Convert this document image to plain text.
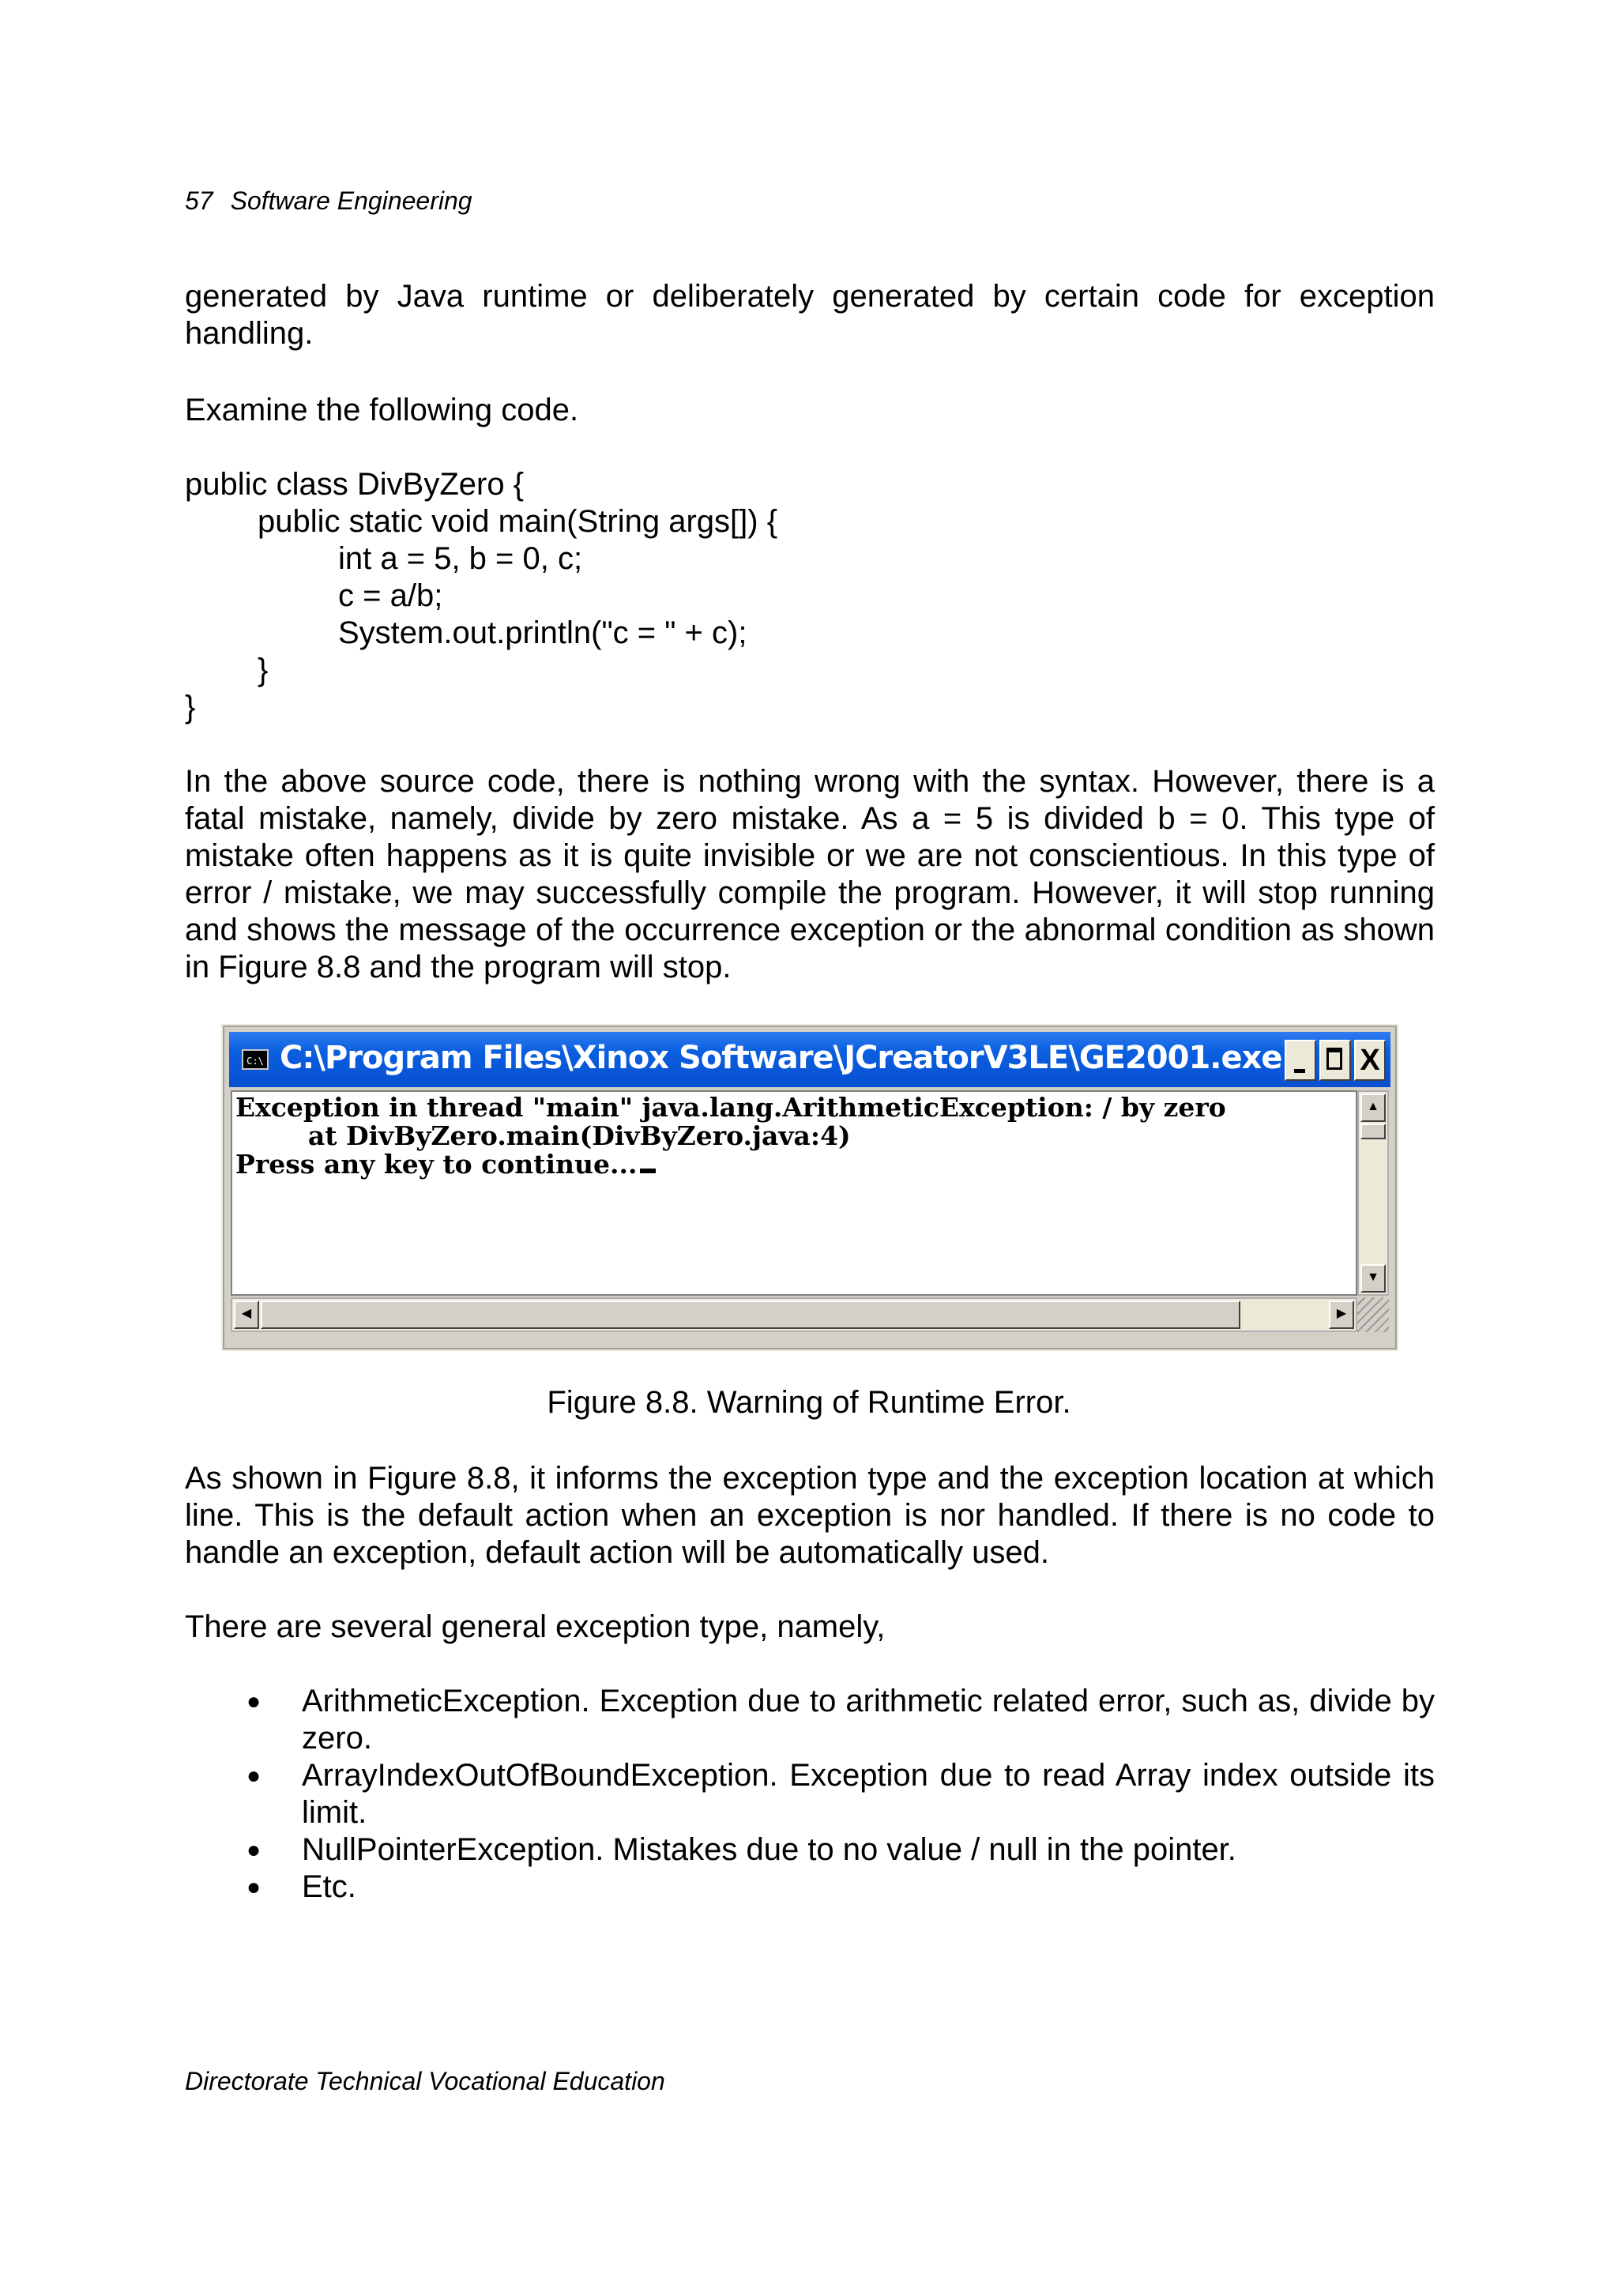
57 Software Engineering
generated by Java runtime or deliberately generated by certain code for exception handling.
Examine the following code.
public class DivByZero {
public static void main(String args[]) {
int a = 5, b = 0, c;
c = a/b;
System.out.println("c = " + c);
}
}
In the above source code, there is nothing wrong with the syntax. However, there is a fatal mistake, namely, divide by zero mistake. As a = 5 is divided b = 0. This type of mistake often happens as it is quite invisible or we are not conscientious. In this type of error / mistake, we may successfully compile the program. However, it will stop running and shows the message of the occurrence exception or the abnormal condition as shown in Figure 8.8 and the program will stop.
C:\ C:\Program Files\Xinox Software\JCreatorV3LE\GE2001.exe	X
Exception in thread "main" java.lang.ArithmeticException: / by zero
at DivByZero.main(DivByZero.java:4)
Press any key to continue...
▲
▼
◀	▶
Figure 8.8. Warning of Runtime Error.
As shown in Figure 8.8, it informs the exception type and the exception location at which line. This is the default action when an exception is nor handled. If there is no code to handle an exception, default action will be automatically used.
There are several general exception type, namely,
● ArithmeticException. Exception due to arithmetic related error, such as, divide by zero.
● ArrayIndexOutOfBoundException. Exception due to read Array index outside its limit.
● NullPointerException. Mistakes due to no value / null in the pointer.
● Etc.
Directorate Technical Vocational Education
